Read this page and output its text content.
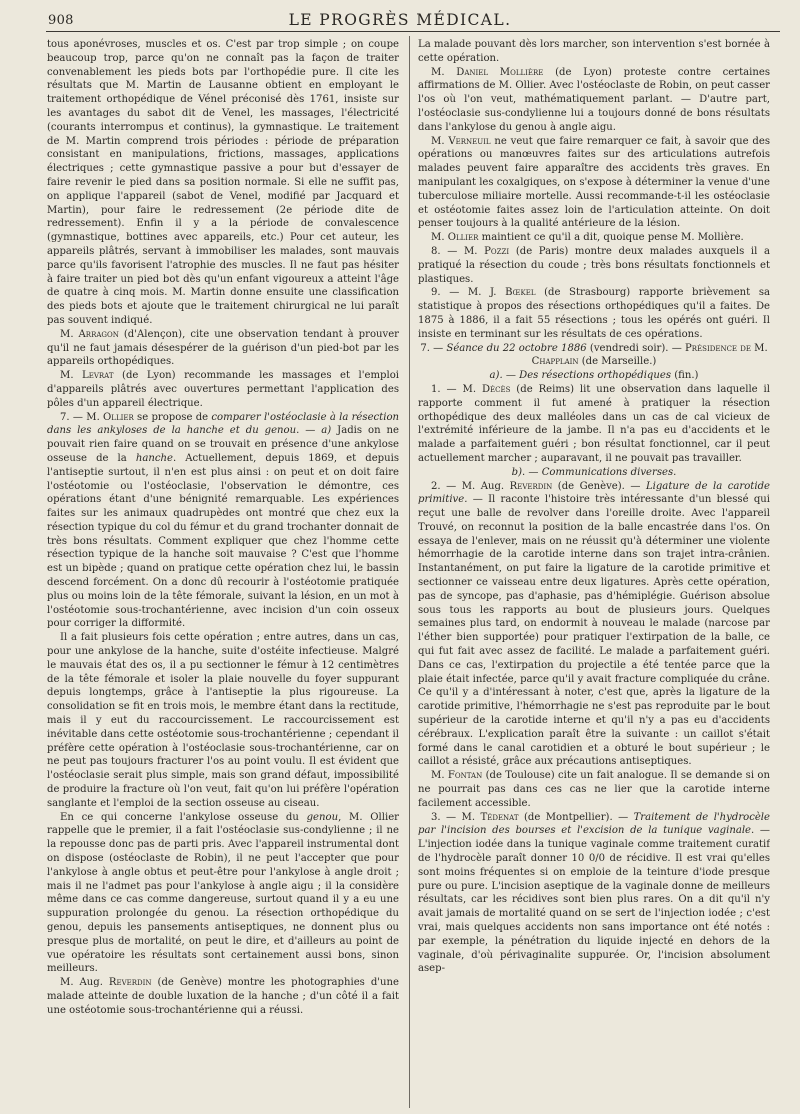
908	LE PROGRÈS MÉDICAL.

tous aponévroses, muscles et os. C'est par trop simple ; on coupe beaucoup trop, parce qu'on ne connaît pas la façon de traiter convenablement les pieds bots par l'orthopédie pure. Il cite les résultats que M. Martin de Lausanne obtient en employant le traitement orthopédique de Vénel préconisé dès 1761, insiste sur les avantages du sabot dit de Venel, les massages, l'électricité (courants interrompus et continus), la gymnastique. Le traitement de M. Martin comprend trois périodes : période de préparation consistant en manipulations, frictions, massages, applications électriques ; cette gymnastique passive a pour but d'essayer de faire revenir le pied dans sa position normale. Si elle ne suffit pas, on applique l'appareil (sabot de Venel, modifié par Jacquard et Martin), pour faire le redressement (2e période dite de redressement). Enfin il y a la période de convalescence (gymnastique, bottines avec appareils, etc.) Pour cet auteur, les appareils plâtrés, servant à immobiliser les malades, sont mauvais parce qu'ils favorisent l'atrophie des muscles. Il ne faut pas hésiter à faire traiter un pied bot dès qu'un enfant vigoureux a atteint l'âge de quatre à cinq mois. M. Martin donne ensuite une classification des pieds bots et ajoute que le traitement chirurgical ne lui paraît pas souvent indiqué.

M. Arragon (d'Alençon), cite une observation tendant à prouver qu'il ne faut jamais désespérer de la guérison d'un pied-bot par les appareils orthopédiques.

M. Levrat (de Lyon) recommande les massages et l'emploi d'appareils plâtrés avec ouvertures permettant l'application des pôles d'un appareil électrique.

7. — M. Ollier se propose de comparer l'ostéoclasie à la résection dans les ankyloses de la hanche et du genou. — a) Jadis on ne pouvait rien faire quand on se trouvait en présence d'une ankylose osseuse de la hanche. Actuellement, depuis 1869, et depuis l'antiseptie surtout, il n'en est plus ainsi : on peut et on doit faire l'ostéotomie ou l'ostéoclasie, l'observation le démontre, ces opérations étant d'une bénignité remarquable. Les expériences faites sur les animaux quadrupèdes ont montré que chez eux la résection typique du col du fémur et du grand trochanter donnait de très bons résultats. Comment expliquer que chez l'homme cette résection typique de la hanche soit mauvaise ? C'est que l'homme est un bipède ; quand on pratique cette opération chez lui, le bassin descend forcément. On a donc dû recourir à l'ostéotomie pratiquée plus ou moins loin de la tête fémorale, suivant la lésion, en un mot à l'ostéotomie sous-trochantérienne, avec incision d'un coin osseux pour corriger la difformité.

Il a fait plusieurs fois cette opération ; entre autres, dans un cas, pour une ankylose de la hanche, suite d'ostéite infectieuse. Malgré le mauvais état des os, il a pu sectionner le fémur à 12 centimètres de la tête fémorale et isoler la plaie nouvelle du foyer suppurant depuis longtemps, grâce à l'antiseptie la plus rigoureuse. La consolidation se fit en trois mois, le membre étant dans la rectitude, mais il y eut du raccourcissement. Le raccourcissement est inévitable dans cette ostéotomie sous-trochantérienne ; cependant il préfère cette opération à l'ostéoclasie sous-trochantérienne, car on ne peut pas toujours fracturer l'os au point voulu. Il est évident que l'ostéoclasie serait plus simple, mais son grand défaut, impossibilité de produire la fracture où l'on veut, fait qu'on lui préfère l'opération sanglante et l'emploi de la section osseuse au ciseau.

En ce qui concerne l'ankylose osseuse du genou, M. Ollier rappelle que le premier, il a fait l'ostéoclasie sus-condylienne ; il ne la repousse donc pas de parti pris. Avec l'appareil instrumental dont on dispose (ostéoclaste de Robin), il ne peut l'accepter que pour l'ankylose à angle obtus et peut-être pour l'ankylose à angle droit ; mais il ne l'admet pas pour l'ankylose à angle aigu ; il la considère même dans ce cas comme dangereuse, surtout quand il y a eu une suppuration prolongée du genou. La résection orthopédique du genou, depuis les pansements antiseptiques, ne donnent plus ou presque plus de mortalité, on peut le dire, et d'ailleurs au point de vue opératoire les résultats sont certainement aussi bons, sinon meilleurs.

M. Aug. Reverdin (de Genève) montre les photographies d'une malade atteinte de double luxation de la hanche ; d'un côté il a fait une ostéotomie sous-trochantérienne qui a réussi.

La malade pouvant dès lors marcher, son intervention s'est bornée à cette opération.

M. Daniel Mollière (de Lyon) proteste contre certaines affirmations de M. Ollier. Avec l'ostéoclaste de Robin, on peut casser l'os où l'on veut, mathématiquement parlant. — D'autre part, l'ostéoclasie sus-condylienne lui a toujours donné de bons résultats dans l'ankylose du genou à angle aigu.

M. Verneuil ne veut que faire remarquer ce fait, à savoir que des opérations ou manœuvres faites sur des articulations autrefois malades peuvent faire apparaître des accidents très graves. En manipulant les coxalgiques, on s'expose à déterminer la venue d'une tuberculose miliaire mortelle. Aussi recommande-t-il les ostéoclasie et ostéotomie faites assez loin de l'articulation atteinte. On doit penser toujours à la qualité antérieure de la lésion.

M. Ollier maintient ce qu'il a dit, quoique pense M. Mollière.

8. — M. Pozzi (de Paris) montre deux malades auxquels il a pratiqué la résection du coude ; très bons résultats fonctionnels et plastiques.

9. — M. J. Bœkel (de Strasbourg) rapporte brièvement sa statistique à propos des résections orthopédiques qu'il a faites. De 1875 à 1886, il a fait 55 résections ; tous les opérés ont guéri. Il insiste en terminant sur les résultats de ces opérations.

7. — Séance du 22 octobre 1886 (vendredi soir). — Présidence de M. Chapplain (de Marseille.)

a). — Des résections orthopédiques (fin.)

1. — M. Décès (de Reims) lit une observation dans laquelle il rapporte comment il fut amené à pratiquer la résection orthopédique des deux malléoles dans un cas de cal vicieux de l'extrémité inférieure de la jambe. Il n'a pas eu d'accidents et le malade a parfaitement guéri ; bon résultat fonctionnel, car il peut actuellement marcher ; auparavant, il ne pouvait pas travailler.

b). — Communications diverses.

2. — M. Aug. Reverdin (de Genève). — Ligature de la carotide primitive. — Il raconte l'histoire très intéressante d'un blessé qui reçut une balle de revolver dans l'oreille droite. Avec l'appareil Trouvé, on reconnut la position de la balle encastrée dans l'os. On essaya de l'enlever, mais on ne réussit qu'à déterminer une violente hémorrhagie de la carotide interne dans son trajet intra-crânien. Instantanément, on put faire la ligature de la carotide primitive et sectionner ce vaisseau entre deux ligatures. Après cette opération, pas de syncope, pas d'aphasie, pas d'hémiplégie. Guérison absolue sous tous les rapports au bout de plusieurs jours. Quelques semaines plus tard, on endormit à nouveau le malade (narcose par l'éther bien supportée) pour pratiquer l'extirpation de la balle, ce qui fut fait avec assez de facilité. Le malade a parfaitement guéri. Dans ce cas, l'extirpation du projectile a été tentée parce que la plaie était infectée, parce qu'il y avait fracture compliquée du crâne. Ce qu'il y a d'intéressant à noter, c'est que, après la ligature de la carotide primitive, l'hémorrhagie ne s'est pas reproduite par le bout supérieur de la carotide interne et qu'il n'y a pas eu d'accidents cérébraux. L'explication paraît être la suivante : un caillot s'était formé dans le canal carotidien et a obturé le bout supérieur ; le caillot a résisté, grâce aux précautions antiseptiques.

M. Fontan (de Toulouse) cite un fait analogue. Il se demande si on ne pourrait pas dans ces cas ne lier que la carotide interne facilement accessible.

3. — M. Tédenat (de Montpellier). — Traitement de l'hydrocèle par l'incision des bourses et l'excision de la tunique vaginale. — L'injection iodée dans la tunique vaginale comme traitement curatif de l'hydrocèle paraît donner 10 0/0 de récidive. Il est vrai qu'elles sont moins fréquentes si on emploie de la teinture d'iode presque pure ou pure. L'incision aseptique de la vaginale donne de meilleurs résultats, car les récidives sont bien plus rares. On a dit qu'il n'y avait jamais de mortalité quand on se sert de l'injection iodée ; c'est vrai, mais quelques accidents non sans importance ont été notés : par exemple, la pénétration du liquide injecté en dehors de la vaginale, d'où périvaginalite suppurée. Or, l'incision absolument asep-
